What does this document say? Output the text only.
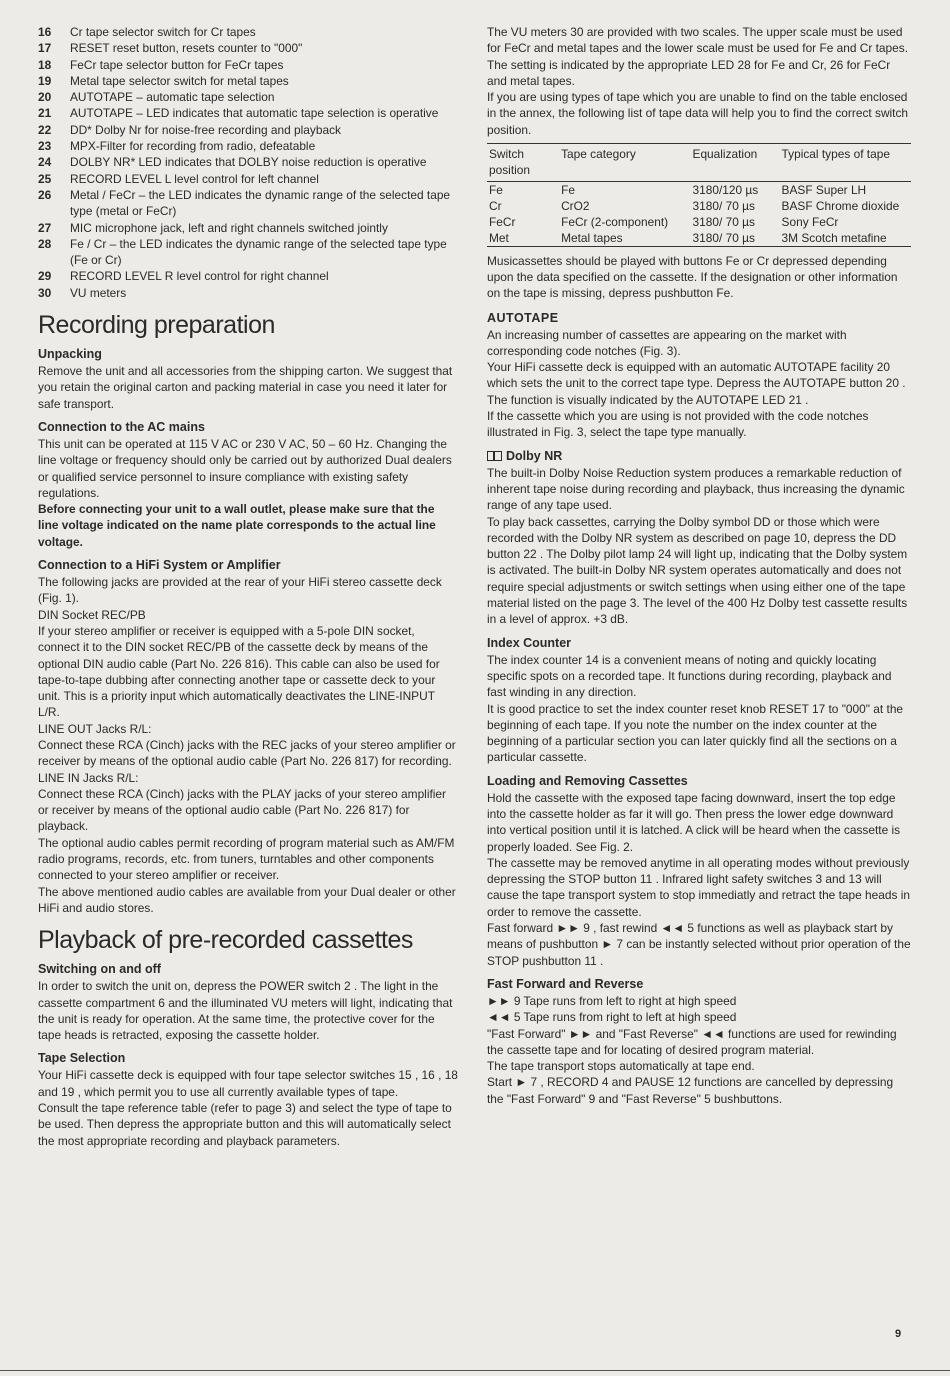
16	Cr tape selector switch for Cr tapes
17	RESET reset button, resets counter to "000"
18	FeCr tape selector button for FeCr tapes
19	Metal tape selector switch for metal tapes
20	AUTOTAPE – automatic tape selection
21	AUTOTAPE – LED indicates that automatic tape selection is operative
22	DD* Dolby Nr for noise-free recording and playback
23	MPX-Filter for recording from radio, defeatable
24	DOLBY NR* LED indicates that DOLBY noise reduction is operative
25	RECORD LEVEL L level control for left channel
26	Metal / FeCr – the LED indicates the dynamic range of the selected tape type (metal or FeCr)
27	MIC microphone jack, left and right channels switched jointly
28	Fe / Cr – the LED indicates the dynamic range of the selected tape type (Fe or Cr)
29	RECORD LEVEL R level control for right channel
30	VU meters
Recording preparation
Unpacking

Remove the unit and all accessories from the shipping carton. We suggest that you retain the original carton and packing material in case you need it later for safe transport.

Connection to the AC mains

This unit can be operated at 115 V AC or 230 V AC, 50 – 60 Hz. Changing the line voltage or frequency should only be carried out by authorized Dual dealers or qualified service personnel to insure compliance with existing safety regulations.

Before connecting your unit to a wall outlet, please make sure that the line voltage indicated on the name plate corresponds to the actual line voltage.

Connection to a HiFi System or Amplifier

The following jacks are provided at the rear of your HiFi stereo cassette deck (Fig. 1).

DIN Socket REC/PB

If your stereo amplifier or receiver is equipped with a 5-pole DIN socket, connect it to the DIN socket REC/PB of the cassette deck by means of the optional DIN audio cable (Part No. 226 816). This cable can also be used for tape-to-tape dubbing after connecting another tape or cassette deck to your unit. This is a priority input which automatically deactivates the LINE-INPUT L/R.

LINE OUT Jacks R/L:

Connect these RCA (Cinch) jacks with the REC jacks of your stereo amplifier or receiver by means of the optional audio cable (Part No. 226 817) for recording.

LINE IN Jacks R/L:

Connect these RCA (Cinch) jacks with the PLAY jacks of your stereo amplifier or receiver by means of the optional audio cable (Part No. 226 817) for playback.

The optional audio cables permit recording of program material such as AM/FM radio programs, records, etc. from tuners, turntables and other components connected to your stereo amplifier or receiver.

The above mentioned audio cables are available from your Dual dealer or other HiFi and audio stores.

Playback of pre-recorded cassettes
Switching on and off

In order to switch the unit on, depress the POWER switch 2 . The light in the cassette compartment 6 and the illuminated VU meters will light, indicating that the unit is ready for operation. At the same time, the protective cover for the tape heads is retracted, exposing the cassette holder.

Tape Selection

Your HiFi cassette deck is equipped with four tape selector switches 15 , 16 , 18 and 19 , which permit you to use all currently available types of tape.

Consult the tape reference table (refer to page 3) and select the type of tape to be used. Then depress the appropriate button and this will automatically select the most appropriate recording and playback parameters.

The VU meters 30 are provided with two scales. The upper scale must be used for FeCr and metal tapes and the lower scale must be used for Fe and Cr tapes. The setting is indicated by the appropriate LED 28 for Fe and Cr, 26 for FeCr and metal tapes.

If you are using types of tape which you are unable to find on the table enclosed in the annex, the following list of tape data will help you to find the correct switch position.

Switch position	Tape category	Equalization	Typical types of tape
Fe	Fe	3180/120 µs	BASF Super LH
Cr	CrO2	3180/ 70 µs	BASF Chrome dioxide
FeCr	FeCr (2-component)	3180/ 70 µs	Sony FeCr
Met	Metal tapes	3180/ 70 µs	3M Scotch metafine

Musicassettes should be played with buttons Fe or Cr depressed depending upon the data specified on the cassette. If the designation or other information on the tape is missing, depress pushbutton Fe.

AUTOTAPE

An increasing number of cassettes are appearing on the market with corresponding code notches (Fig. 3).

Your HiFi cassette deck is equipped with an automatic AUTOTAPE facility 20 which sets the unit to the correct tape type. Depress the AUTOTAPE button 20 . The function is visually indicated by the AUTOTAPE LED 21 .

If the cassette which you are using is not provided with the code notches illustrated in Fig. 3, select the tape type manually.

Dolby NR

The built-in Dolby Noise Reduction system produces a remarkable reduction of inherent tape noise during recording and playback, thus increasing the dynamic range of any tape used.

To play back cassettes, carrying the Dolby symbol DD or those which were recorded with the Dolby NR system as described on page 10, depress the DD button 22 . The Dolby pilot lamp 24 will light up, indicating that the Dolby system is activated. The built-in Dolby NR system operates automatically and does not require special adjustments or switch settings when using either one of the tape material listed on the page 3. The level of the 400 Hz Dolby test cassette results in a level of approx. +3 dB.

Index Counter

The index counter 14 is a convenient means of noting and quickly locating specific spots on a recorded tape. It functions during recording, playback and fast winding in any direction.

It is good practice to set the index counter reset knob RESET 17 to "000" at the beginning of each tape. If you note the number on the index counter at the beginning of a particular section you can later quickly find all the sections on a particular cassette.

Loading and Removing Cassettes

Hold the cassette with the exposed tape facing downward, insert the top edge into the cassette holder as far it will go. Then press the lower edge downward into vertical position until it is latched. A click will be heard when the cassette is properly loaded. See Fig. 2.

The cassette may be removed anytime in all operating modes without previously depressing the STOP button 11 . Infrared light safety switches 3 and 13 will cause the tape transport system to stop immediatly and retract the tape heads in order to remove the cassette.

Fast forward ►► 9 , fast rewind ◄◄ 5 functions as well as playback start by means of pushbutton ► 7 can be instantly selected without prior operation of the STOP pushbutton 11 .

Fast Forward and Reverse

►► 9 Tape runs from left to right at high speed

◄◄ 5 Tape runs from right to left at high speed

"Fast Forward" ►► and "Fast Reverse" ◄◄ functions are used for rewinding the cassette tape and for locating of desired program material.

The tape transport stops automatically at tape end.

Start ► 7 , RECORD 4 and PAUSE 12 functions are cancelled by depressing the "Fast Forward" 9 and "Fast Reverse" 5 bushbuttons.

9
